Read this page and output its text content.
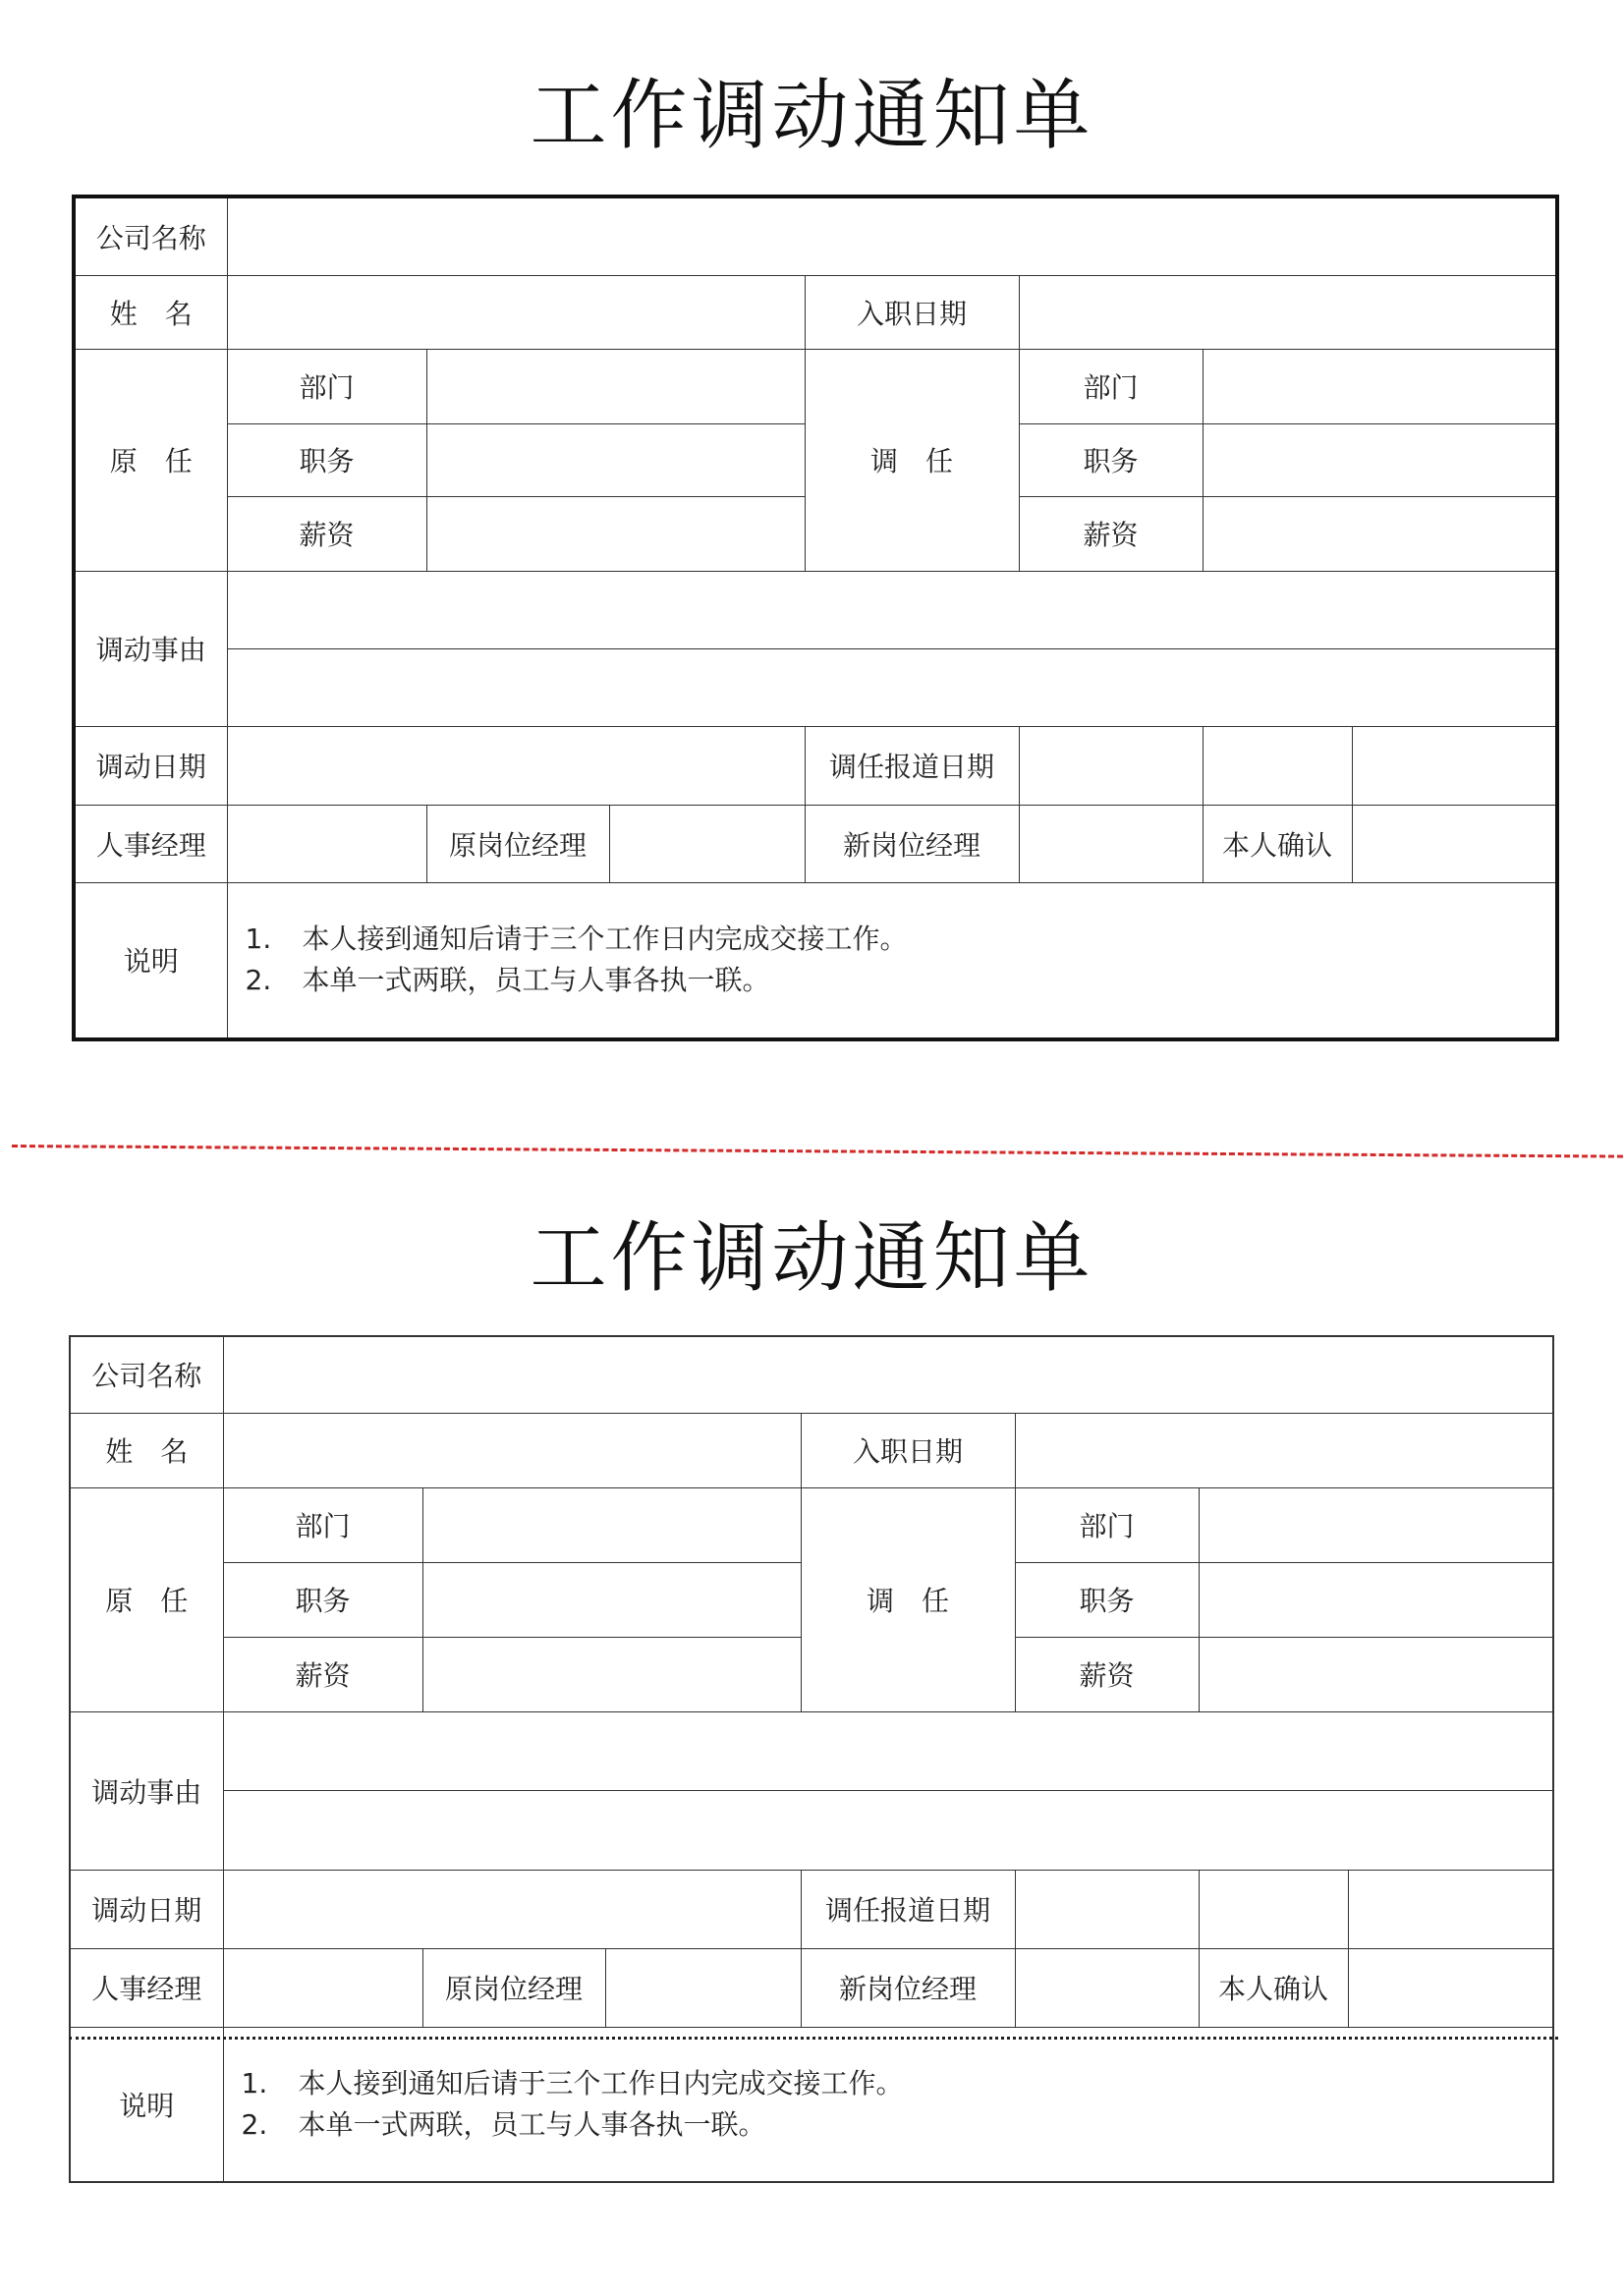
工作调动通知单
公司名称							
姓　名				入职日期			
原　任	部门			调　任	部门		
	职务				职务		
	薪资				薪资		
调动事由							

调动日期				调任报道日期			
人事经理		原岗位经理		新岗位经理		本人确认	
说明	1. 本人接到通知后请于三个工作日内完成交接工作。
2. 本单一式两联，员工与人事各执一联。						
工作调动通知单
公司名称							
姓　名				入职日期			
原　任	部门			调　任	部门		
	职务				职务		
	薪资				薪资		
调动事由							

调动日期				调任报道日期			
人事经理		原岗位经理		新岗位经理		本人确认	
说明	1. 本人接到通知后请于三个工作日内完成交接工作。
2. 本单一式两联，员工与人事各执一联。						
